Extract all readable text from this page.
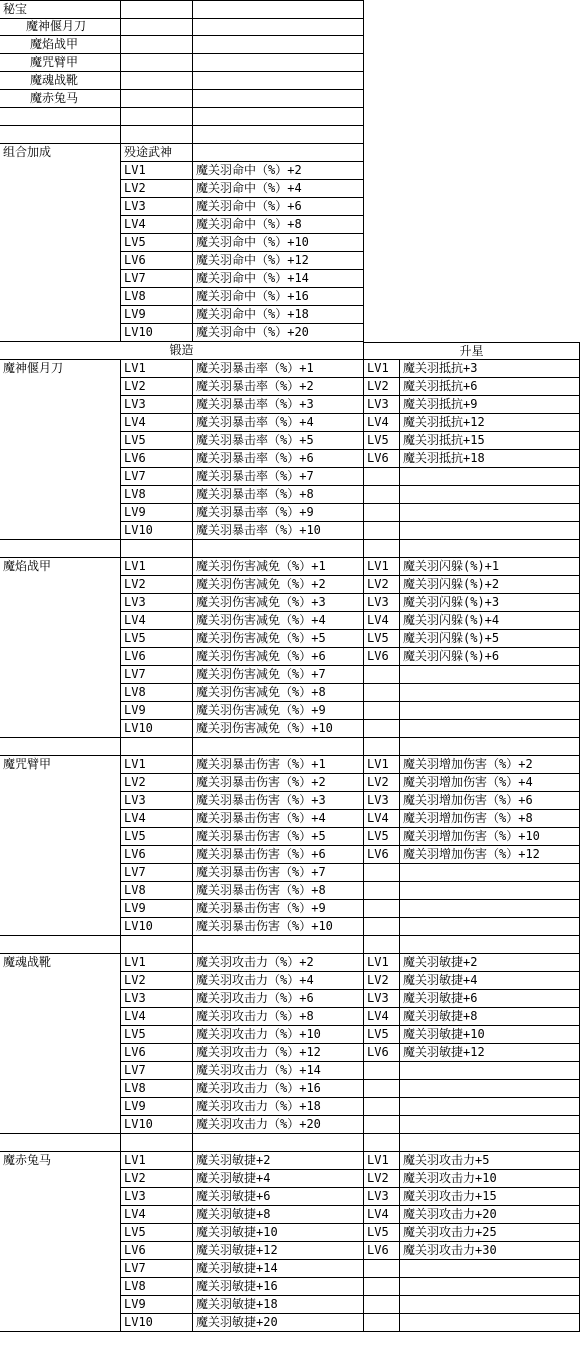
秘宝
魔神偃月刀
魔焰战甲
魔咒臂甲
魔魂战靴
魔赤兔马
组合加成	殁途武神
LV1	魔关羽命中（%）+2
LV2	魔关羽命中（%）+4
LV3	魔关羽命中（%）+6
LV4	魔关羽命中（%）+8
LV5	魔关羽命中（%）+10
LV6	魔关羽命中（%）+12
LV7	魔关羽命中（%）+14
LV8	魔关羽命中（%）+16
LV9	魔关羽命中（%）+18
LV10	魔关羽命中（%）+20
锻造	升星
魔神偃月刀	LV1	魔关羽暴击率（%）+1	LV1	魔关羽抵抗+3
LV2	魔关羽暴击率（%）+2	LV2	魔关羽抵抗+6
LV3	魔关羽暴击率（%）+3	LV3	魔关羽抵抗+9
LV4	魔关羽暴击率（%）+4	LV4	魔关羽抵抗+12
LV5	魔关羽暴击率（%）+5	LV5	魔关羽抵抗+15
LV6	魔关羽暴击率（%）+6	LV6	魔关羽抵抗+18
LV7	魔关羽暴击率（%）+7
LV8	魔关羽暴击率（%）+8
LV9	魔关羽暴击率（%）+9
LV10	魔关羽暴击率（%）+10
魔焰战甲	LV1	魔关羽伤害减免（%）+1	LV1	魔关羽闪躲(%)+1
LV2	魔关羽伤害减免（%）+2	LV2	魔关羽闪躲(%)+2
LV3	魔关羽伤害减免（%）+3	LV3	魔关羽闪躲(%)+3
LV4	魔关羽伤害减免（%）+4	LV4	魔关羽闪躲(%)+4
LV5	魔关羽伤害减免（%）+5	LV5	魔关羽闪躲(%)+5
LV6	魔关羽伤害减免（%）+6	LV6	魔关羽闪躲(%)+6
LV7	魔关羽伤害减免（%）+7
LV8	魔关羽伤害减免（%）+8
LV9	魔关羽伤害减免（%）+9
LV10	魔关羽伤害减免（%）+10
魔咒臂甲	LV1	魔关羽暴击伤害（%）+1	LV1	魔关羽增加伤害（%）+2
LV2	魔关羽暴击伤害（%）+2	LV2	魔关羽增加伤害（%）+4
LV3	魔关羽暴击伤害（%）+3	LV3	魔关羽增加伤害（%）+6
LV4	魔关羽暴击伤害（%）+4	LV4	魔关羽增加伤害（%）+8
LV5	魔关羽暴击伤害（%）+5	LV5	魔关羽增加伤害（%）+10
LV6	魔关羽暴击伤害（%）+6	LV6	魔关羽增加伤害（%）+12
LV7	魔关羽暴击伤害（%）+7
LV8	魔关羽暴击伤害（%）+8
LV9	魔关羽暴击伤害（%）+9
LV10	魔关羽暴击伤害（%）+10
魔魂战靴	LV1	魔关羽攻击力（%）+2	LV1	魔关羽敏捷+2
LV2	魔关羽攻击力（%）+4	LV2	魔关羽敏捷+4
LV3	魔关羽攻击力（%）+6	LV3	魔关羽敏捷+6
LV4	魔关羽攻击力（%）+8	LV4	魔关羽敏捷+8
LV5	魔关羽攻击力（%）+10	LV5	魔关羽敏捷+10
LV6	魔关羽攻击力（%）+12	LV6	魔关羽敏捷+12
LV7	魔关羽攻击力（%）+14
LV8	魔关羽攻击力（%）+16
LV9	魔关羽攻击力（%）+18
LV10	魔关羽攻击力（%）+20
魔赤兔马	LV1	魔关羽敏捷+2	LV1	魔关羽攻击力+5
LV2	魔关羽敏捷+4	LV2	魔关羽攻击力+10
LV3	魔关羽敏捷+6	LV3	魔关羽攻击力+15
LV4	魔关羽敏捷+8	LV4	魔关羽攻击力+20
LV5	魔关羽敏捷+10	LV5	魔关羽攻击力+25
LV6	魔关羽敏捷+12	LV6	魔关羽攻击力+30
LV7	魔关羽敏捷+14
LV8	魔关羽敏捷+16
LV9	魔关羽敏捷+18
LV10	魔关羽敏捷+20
